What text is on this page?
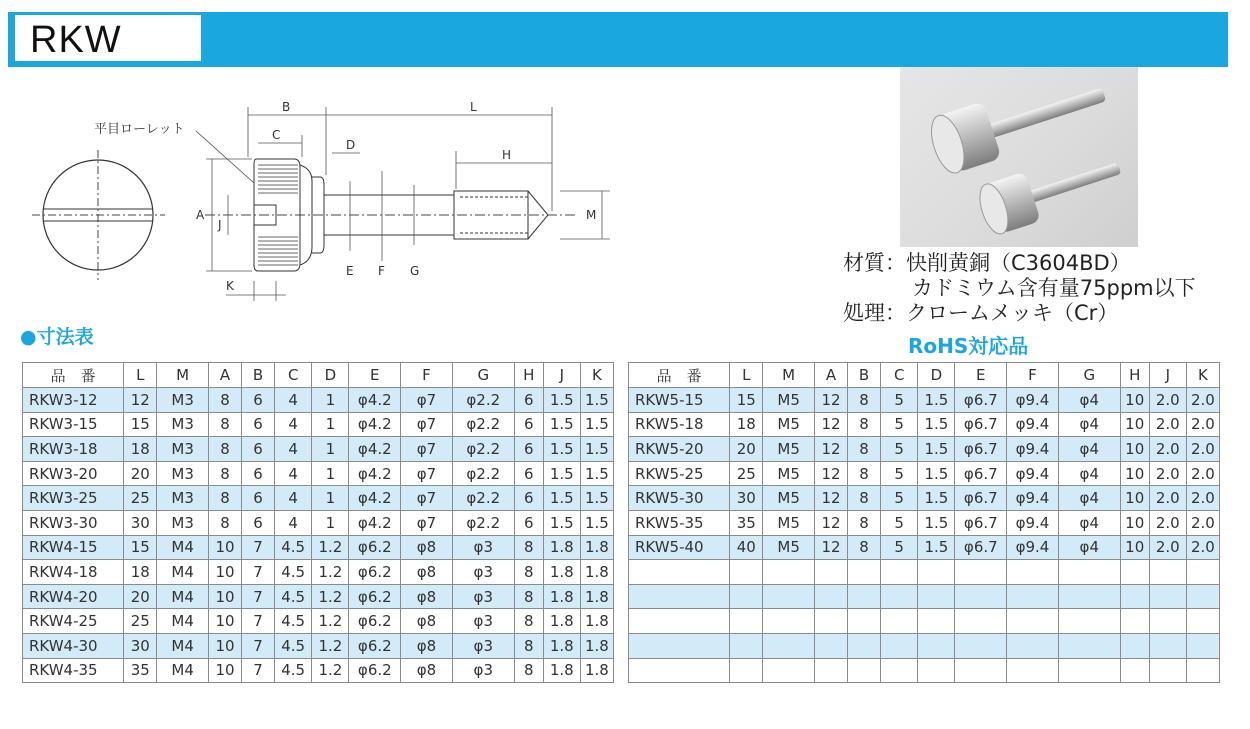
RKW
平目ローレット
B
C
D
L
H
A
J
E F G
M
K
材質：快削黄銅（C3604BD）
カドミウム含有量75ppm以下
処理：クロームメッキ（Cr）
RoHS対応品
●寸法表
品　番	L	M	A	B	C	D	E	F	G	H	J	K
RKW3-12	12	M3	8	6	4	1	φ4.2	φ7	φ2.2	6	1.5	1.5
RKW3-15	15	M3	8	6	4	1	φ4.2	φ7	φ2.2	6	1.5	1.5
RKW3-18	18	M3	8	6	4	1	φ4.2	φ7	φ2.2	6	1.5	1.5
RKW3-20	20	M3	8	6	4	1	φ4.2	φ7	φ2.2	6	1.5	1.5
RKW3-25	25	M3	8	6	4	1	φ4.2	φ7	φ2.2	6	1.5	1.5
RKW3-30	30	M3	8	6	4	1	φ4.2	φ7	φ2.2	6	1.5	1.5
RKW4-15	15	M4	10	7	4.5	1.2	φ6.2	φ8	φ3	8	1.8	1.8
RKW4-18	18	M4	10	7	4.5	1.2	φ6.2	φ8	φ3	8	1.8	1.8
RKW4-20	20	M4	10	7	4.5	1.2	φ6.2	φ8	φ3	8	1.8	1.8
RKW4-25	25	M4	10	7	4.5	1.2	φ6.2	φ8	φ3	8	1.8	1.8
RKW4-30	30	M4	10	7	4.5	1.2	φ6.2	φ8	φ3	8	1.8	1.8
RKW4-35	35	M4	10	7	4.5	1.2	φ6.2	φ8	φ3	8	1.8	1.8
品　番	L	M	A	B	C	D	E	F	G	H	J	K
RKW5-15	15	M5	12	8	5	1.5	φ6.7	φ9.4	φ4	10	2.0	2.0
RKW5-18	18	M5	12	8	5	1.5	φ6.7	φ9.4	φ4	10	2.0	2.0
RKW5-20	20	M5	12	8	5	1.5	φ6.7	φ9.4	φ4	10	2.0	2.0
RKW5-25	25	M5	12	8	5	1.5	φ6.7	φ9.4	φ4	10	2.0	2.0
RKW5-30	30	M5	12	8	5	1.5	φ6.7	φ9.4	φ4	10	2.0	2.0
RKW5-35	35	M5	12	8	5	1.5	φ6.7	φ9.4	φ4	10	2.0	2.0
RKW5-40	40	M5	12	8	5	1.5	φ6.7	φ9.4	φ4	10	2.0	2.0
